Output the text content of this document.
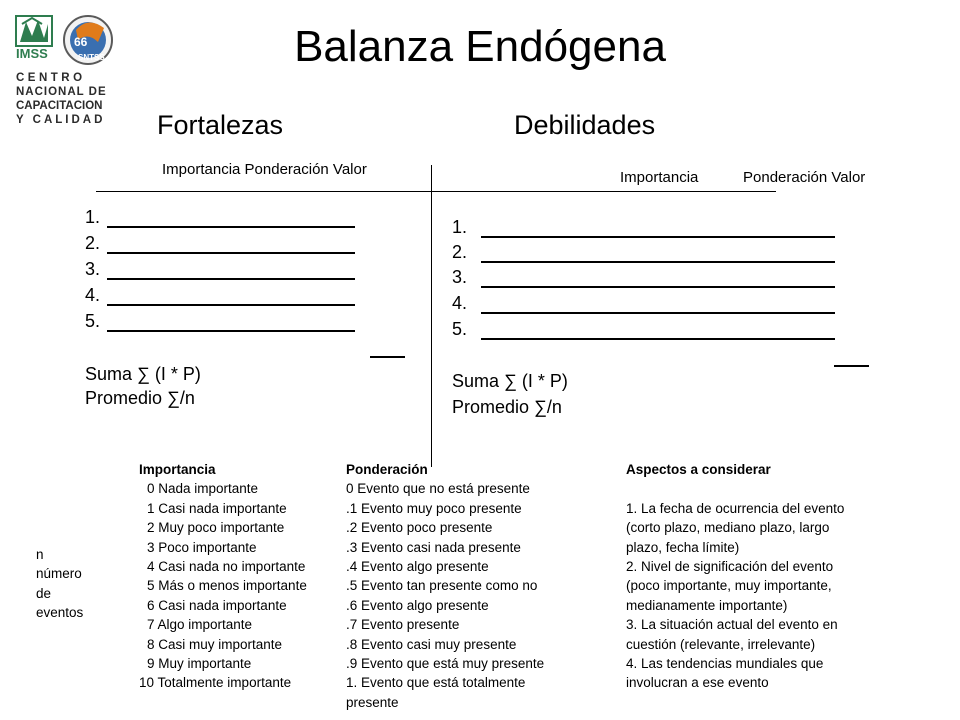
IMSS
66
SNTSS
CENTRO
NACIONAL DE
CAPACITACION
Y CALIDAD
Balanza Endógena
Fortalezas	Debilidades
Importancia Ponderación Valor	Importancia	Ponderación Valor
1.
2.
3.
4.
5.
Suma ∑ (I * P)
Promedio ∑/n
1.
2.
3.
4.
5.
Suma ∑ (I * P)
Promedio ∑/n
n
número
de
eventos
Importancia
0 Nada importante
1 Casi nada importante
2 Muy poco importante
3 Poco importante
4 Casi nada no importante
5 Más o menos importante
6 Casi nada importante
7 Algo importante
8 Casi muy importante
9 Muy importante
10 Totalmente importante
Ponderación
0 Evento que no está presente
.1 Evento muy poco presente
.2 Evento poco presente
.3 Evento casi nada presente
.4 Evento algo presente
.5 Evento tan presente como no
.6 Evento algo presente
.7 Evento presente
.8 Evento casi muy presente
.9 Evento que está muy presente
1. Evento que está totalmente
presente
Aspectos a considerar
1. La fecha de ocurrencia del evento
(corto plazo, mediano plazo, largo
plazo, fecha límite)
2. Nivel de significación del evento
(poco importante, muy importante,
medianamente importante)
3. La situación actual del evento en
cuestión (relevante, irrelevante)
4. Las tendencias mundiales que
involucran a ese evento
